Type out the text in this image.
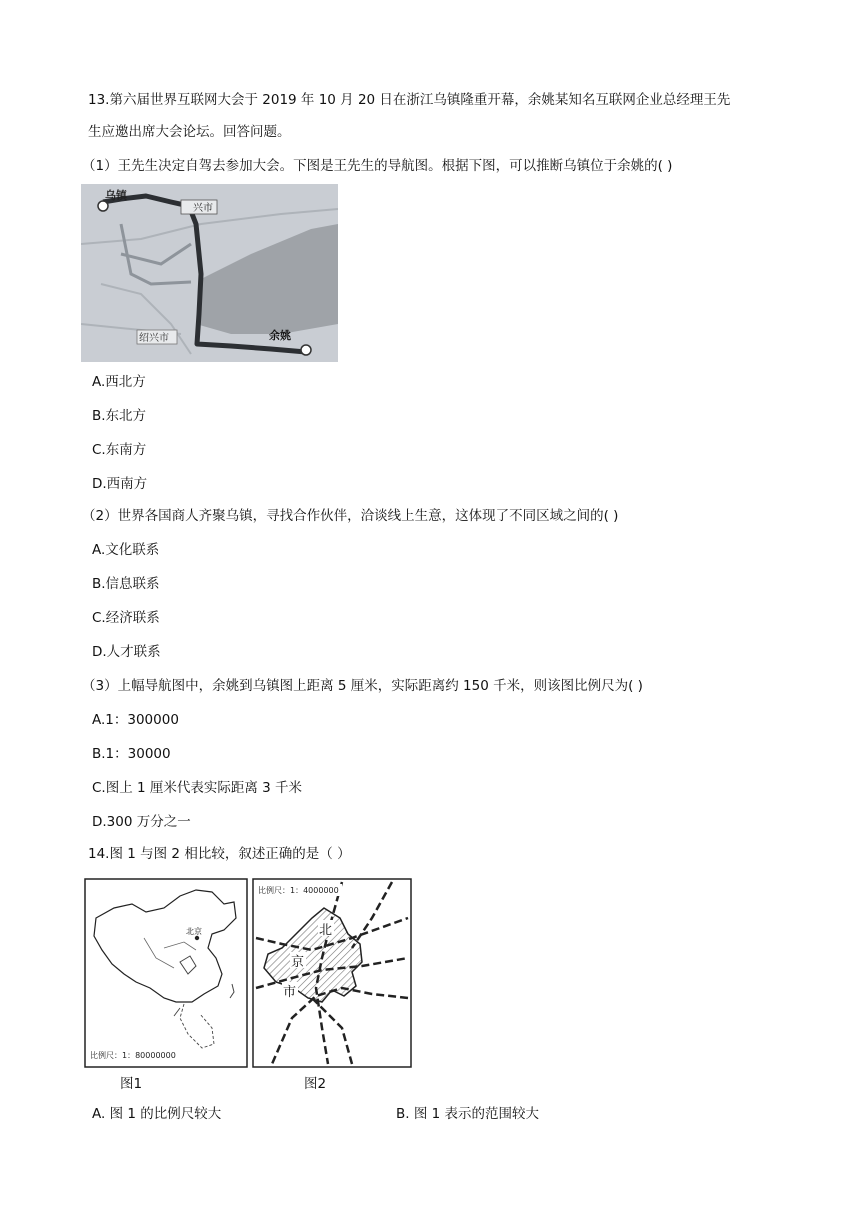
13.第六届世界互联网大会于 2019 年 10 月 20 日在浙江乌镇隆重开幕，余姚某知名互联网企业总经理王先
生应邀出席大会论坛。回答问题。
（1）王先生决定自驾去参加大会。下图是王先生的导航图。根据下图，可以推断乌镇位于余姚的( )
乌镇
兴市
绍兴市	余姚
A.西北方
B.东北方
C.东南方
D.西南方
（2）世界各国商人齐聚乌镇，寻找合作伙伴，洽谈线上生意，这体现了不同区域之间的( )
A.文化联系
B.信息联系
C.经济联系
D.人才联系
（3）上幅导航图中，余姚到乌镇图上距离 5 厘米，实际距离约 150 千米，则该图比例尺为( )
A.1：300000
B.1：30000
C.图上 1 厘米代表实际距离 3 千米
D.300 万分之一
14.图 1 与图 2 相比较，叙述正确的是（ ）
北京
比例尺：1：80000000
北
京
市
比例尺：1：4000000
图1	图2
A. 图 1 的比例尺较大	B. 图 1 表示的范围较大
